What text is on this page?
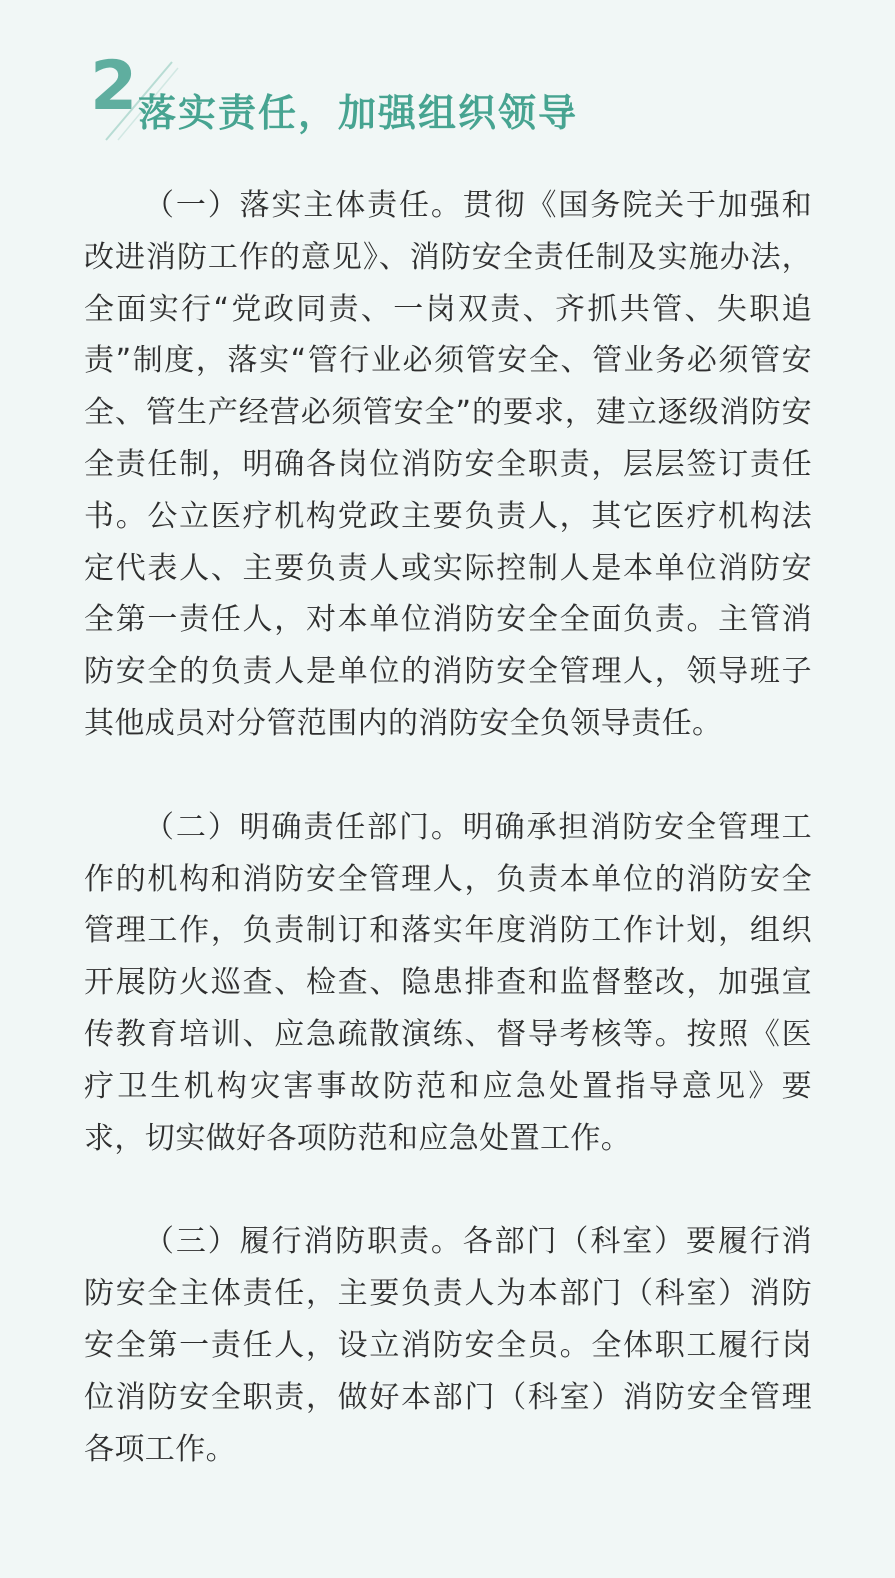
2 落实责任，加强组织领导

（一）落实主体责任。贯彻《国务院关于加强和改进消防工作的意见》、消防安全责任制及实施办法，全面实行“党政同责、一岗双责、齐抓共管、失职追责”制度，落实“管行业必须管安全、管业务必须管安全、管生产经营必须管安全”的要求，建立逐级消防安全责任制，明确各岗位消防安全职责，层层签订责任书。公立医疗机构党政主要负责人，其它医疗机构法定代表人、主要负责人或实际控制人是本单位消防安全第一责任人，对本单位消防安全全面负责。主管消防安全的负责人是单位的消防安全管理人，领导班子其他成员对分管范围内的消防安全负领导责任。

（二）明确责任部门。明确承担消防安全管理工作的机构和消防安全管理人，负责本单位的消防安全管理工作，负责制订和落实年度消防工作计划，组织开展防火巡查、检查、隐患排查和监督整改，加强宣传教育培训、应急疏散演练、督导考核等。按照《医疗卫生机构灾害事故防范和应急处置指导意见》要求，切实做好各项防范和应急处置工作。

（三）履行消防职责。各部门（科室）要履行消防安全主体责任，主要负责人为本部门（科室）消防安全第一责任人，设立消防安全员。全体职工履行岗位消防安全职责，做好本部门（科室）消防安全管理各项工作。
